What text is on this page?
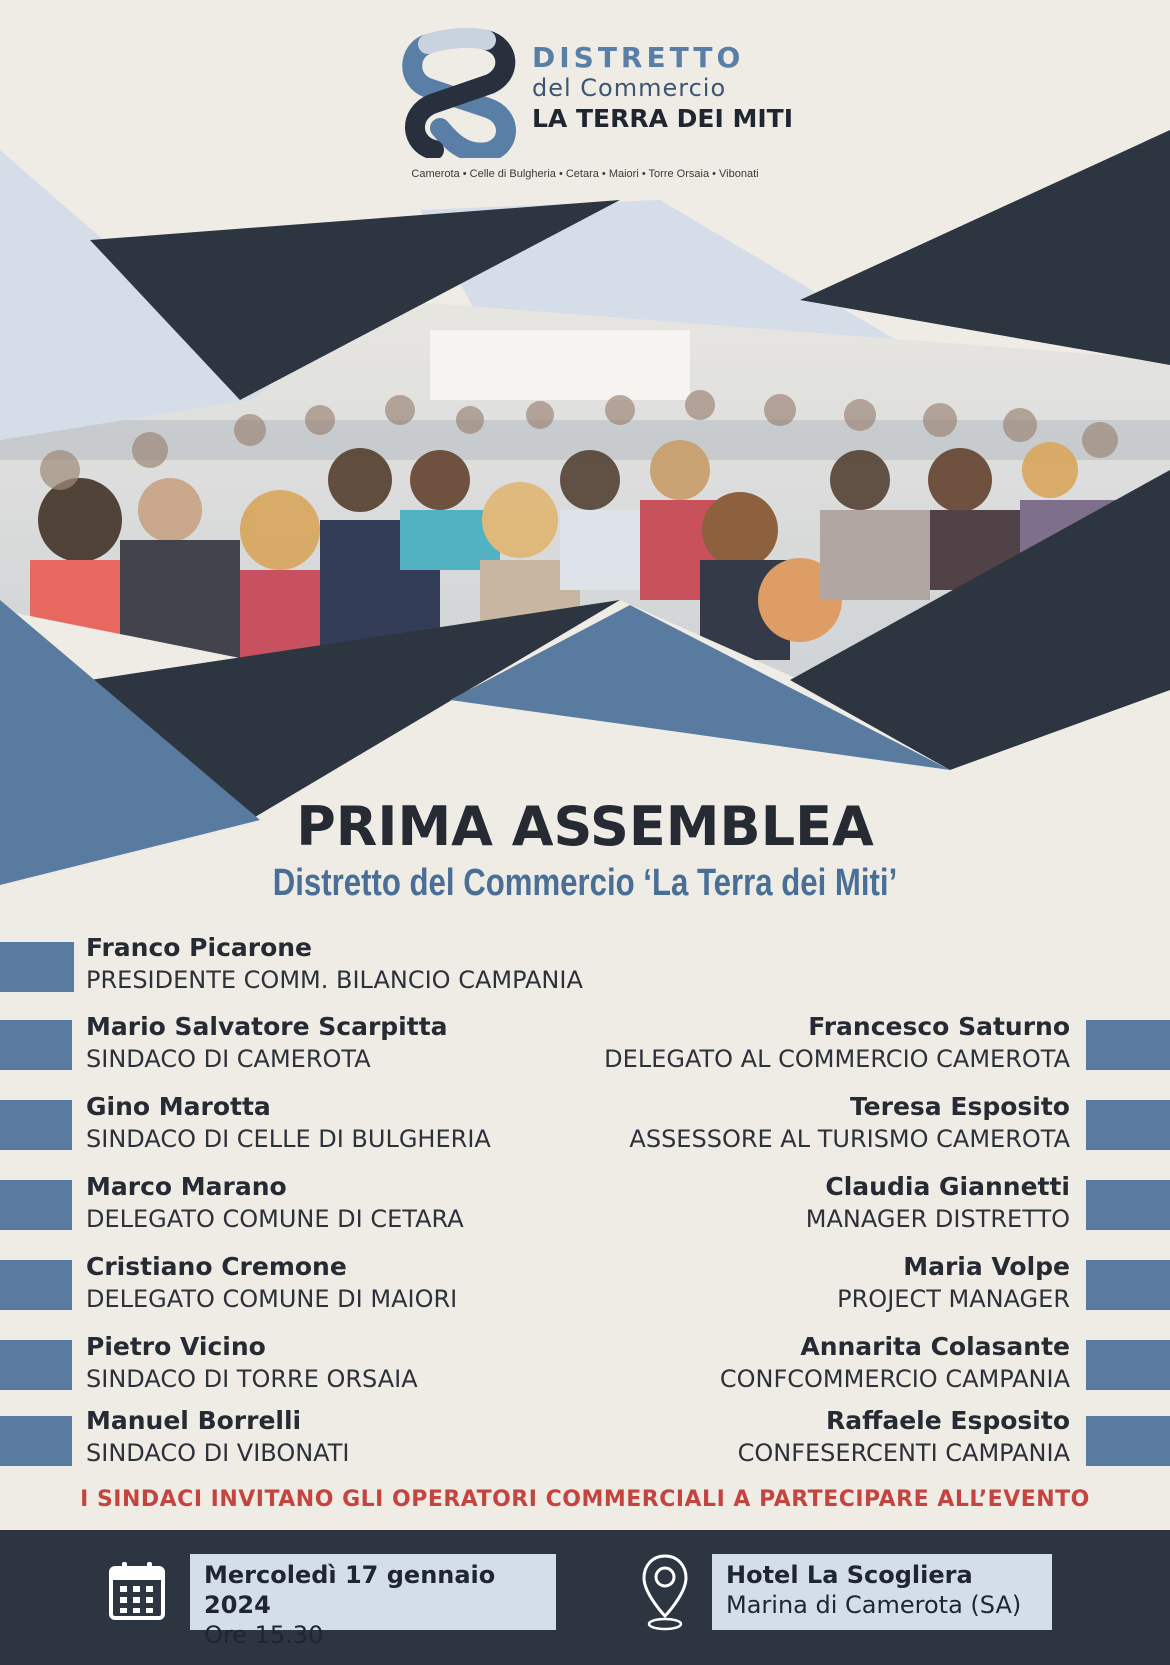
DISTRETTO
del Commercio
LA TERRA DEI MITI
Camerota • Celle di Bulgheria • Cetara • Maiori • Torre Orsaia • Vibonati
PRIMA ASSEMBLEA
Distretto del Commercio ‘La Terra dei Miti’
Franco Picarone
PRESIDENTE COMM. BILANCIO CAMPANIA
Mario Salvatore Scarpitta
SINDACO DI CAMEROTA
Gino Marotta
SINDACO DI CELLE DI BULGHERIA
Marco Marano
DELEGATO COMUNE DI CETARA
Cristiano Cremone
DELEGATO COMUNE DI MAIORI
Pietro Vicino
SINDACO DI TORRE ORSAIA
Manuel Borrelli
SINDACO DI VIBONATI
Francesco Saturno
DELEGATO AL COMMERCIO CAMEROTA
Teresa Esposito
ASSESSORE AL TURISMO CAMEROTA
Claudia Giannetti
MANAGER DISTRETTO
Maria Volpe
PROJECT MANAGER
Annarita Colasante
CONFCOMMERCIO CAMPANIA
Raffaele Esposito
CONFESERCENTI CAMPANIA
I SINDACI INVITANO GLI OPERATORI COMMERCIALI A PARTECIPARE ALL’EVENTO
Mercoledì 17 gennaio 2024
Ore 15.30
Hotel La Scogliera
Marina di Camerota (SA)
